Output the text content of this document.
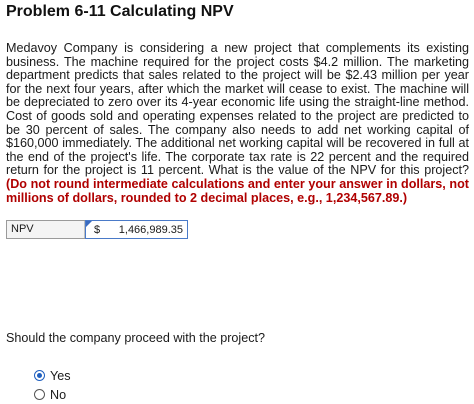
Problem 6-11 Calculating NPV
Medavoy Company is considering a new project that complements its existing business. The machine required for the project costs $4.2 million. The marketing department predicts that sales related to the project will be $2.43 million per year for the next four years, after which the market will cease to exist. The machine will be depreciated to zero over its 4-year economic life using the straight-line method. Cost of goods sold and operating expenses related to the project are predicted to be 30 percent of sales. The company also needs to add net working capital of $160,000 immediately. The additional net working capital will be recovered in full at the end of the project's life. The corporate tax rate is 22 percent and the required return for the project is 11 percent. What is the value of the NPV for this project? (Do not round intermediate calculations and enter your answer in dollars, not millions of dollars, rounded to 2 decimal places, e.g., 1,234,567.89.)
NPV	$ 1,466,989.35
Should the company proceed with the project?
Yes
No
